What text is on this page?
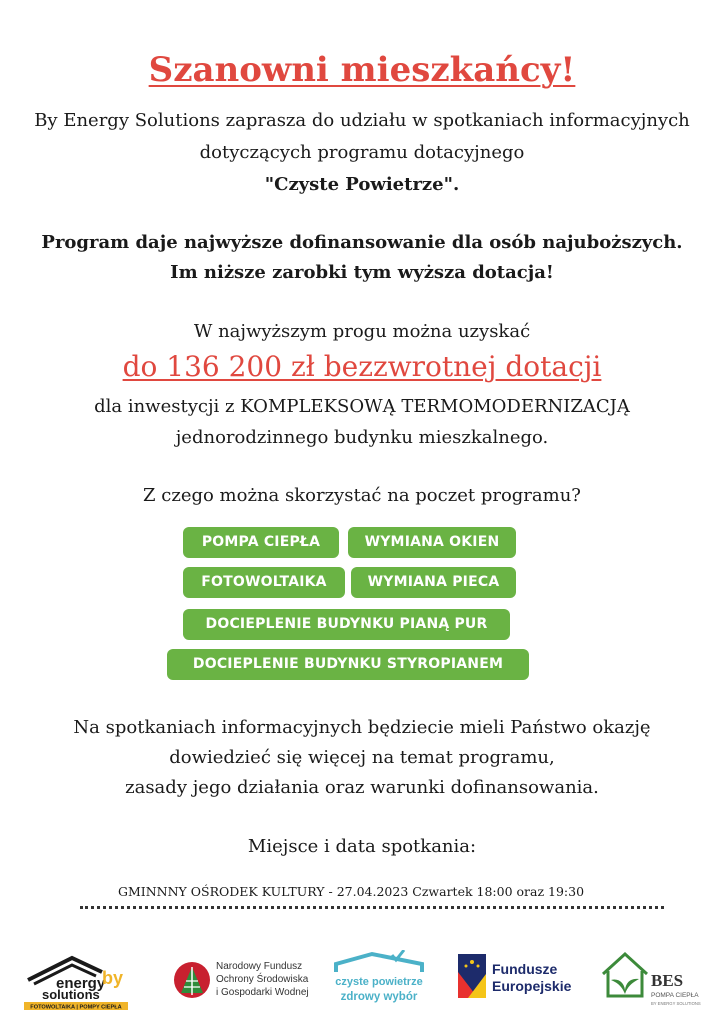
Szanowni mieszkańcy!
By Energy Solutions zaprasza do udziału w spotkaniach informacyjnych
dotyczących programu dotacyjnego
"Czyste Powietrze".
Program daje najwyższe dofinansowanie dla osób najuboższych.
Im niższe zarobki tym wyższa dotacja!
W najwyższym progu można uzyskać
do 136 200 zł bezzwrotnej dotacji
dla inwestycji z KOMPLEKSOWĄ TERMOMODERNIZACJĄ
jednorodzinnego budynku mieszkalnego.
Z czego można skorzystać na poczet programu?
POMPA CIEPŁA	WYMIANA OKIEN
FOTOWOLTAIKA	WYMIANA PIECA
DOCIEPLENIE BUDYNKU PIANĄ PUR
DOCIEPLENIE BUDYNKU STYROPIANEM
Na spotkaniach informacyjnych będziecie mieli Państwo okazję
dowiedzieć się więcej na temat programu,
zasady jego działania oraz warunki dofinansowania.
Miejsce i data spotkania:
GMINNNY OŚRODEK KULTURY - 27.04.2023 Czwartek 18:00 oraz 19:30
energy
solutions
by
FOTOWOLTAIKA | POMPY CIEPŁA
Narodowy Fundusz
Ochrony Środowiska
i Gospodarki Wodnej
czyste powietrze
zdrowy wybór
Fundusze
Europejskie	BES
POMPA CIEPŁA
BY ENERGY SOLUTIONS
